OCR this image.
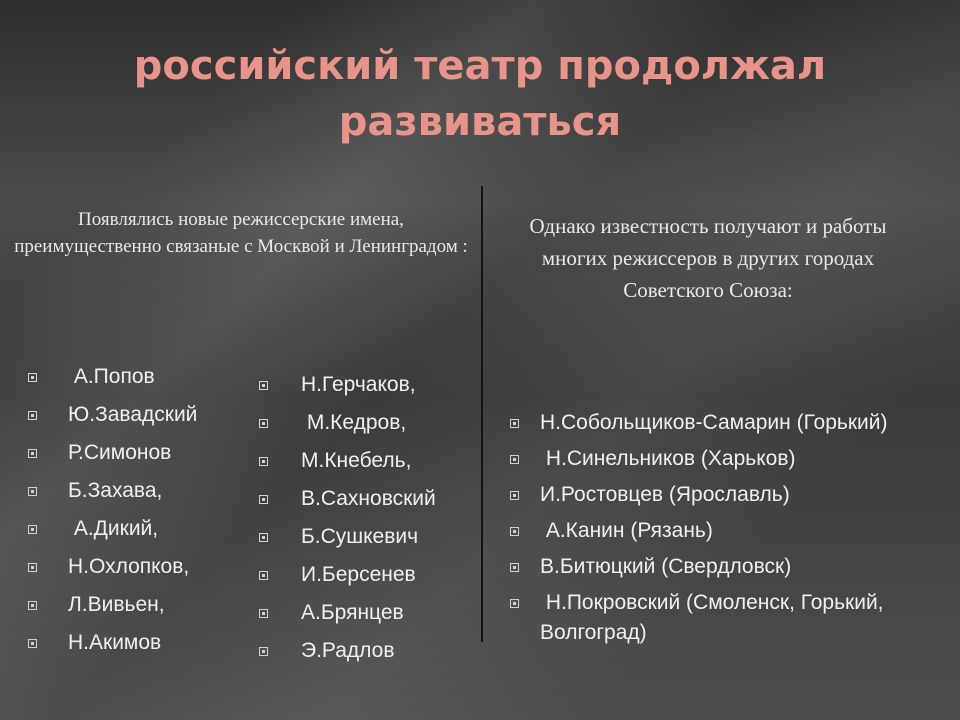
российский театр продолжал развиваться
Появлялись новые режиссерские имена, преимущественно связаные с Москвой и Ленинградом :
Однако известность получают и работы многих режиссеров в других городах Советского Союза:
А.Попов
Ю.Завадский
Р.Симонов
Б.Захава,
А.Дикий,
Н.Охлопков,
Л.Вивьен,
Н.Акимов
Н.Герчаков,
М.Кедров,
М.Кнебель,
В.Сахновский
Б.Сушкевич
И.Берсенев
А.Брянцев
Э.Радлов
Н.Собольщиков-Самарин (Горький)
Н.Синельников (Харьков)
И.Ростовцев (Ярославль)
А.Канин (Рязань)
В.Битюцкий (Свердловск)
Н.Покровский (Смоленск, Горький, Волгоград)
